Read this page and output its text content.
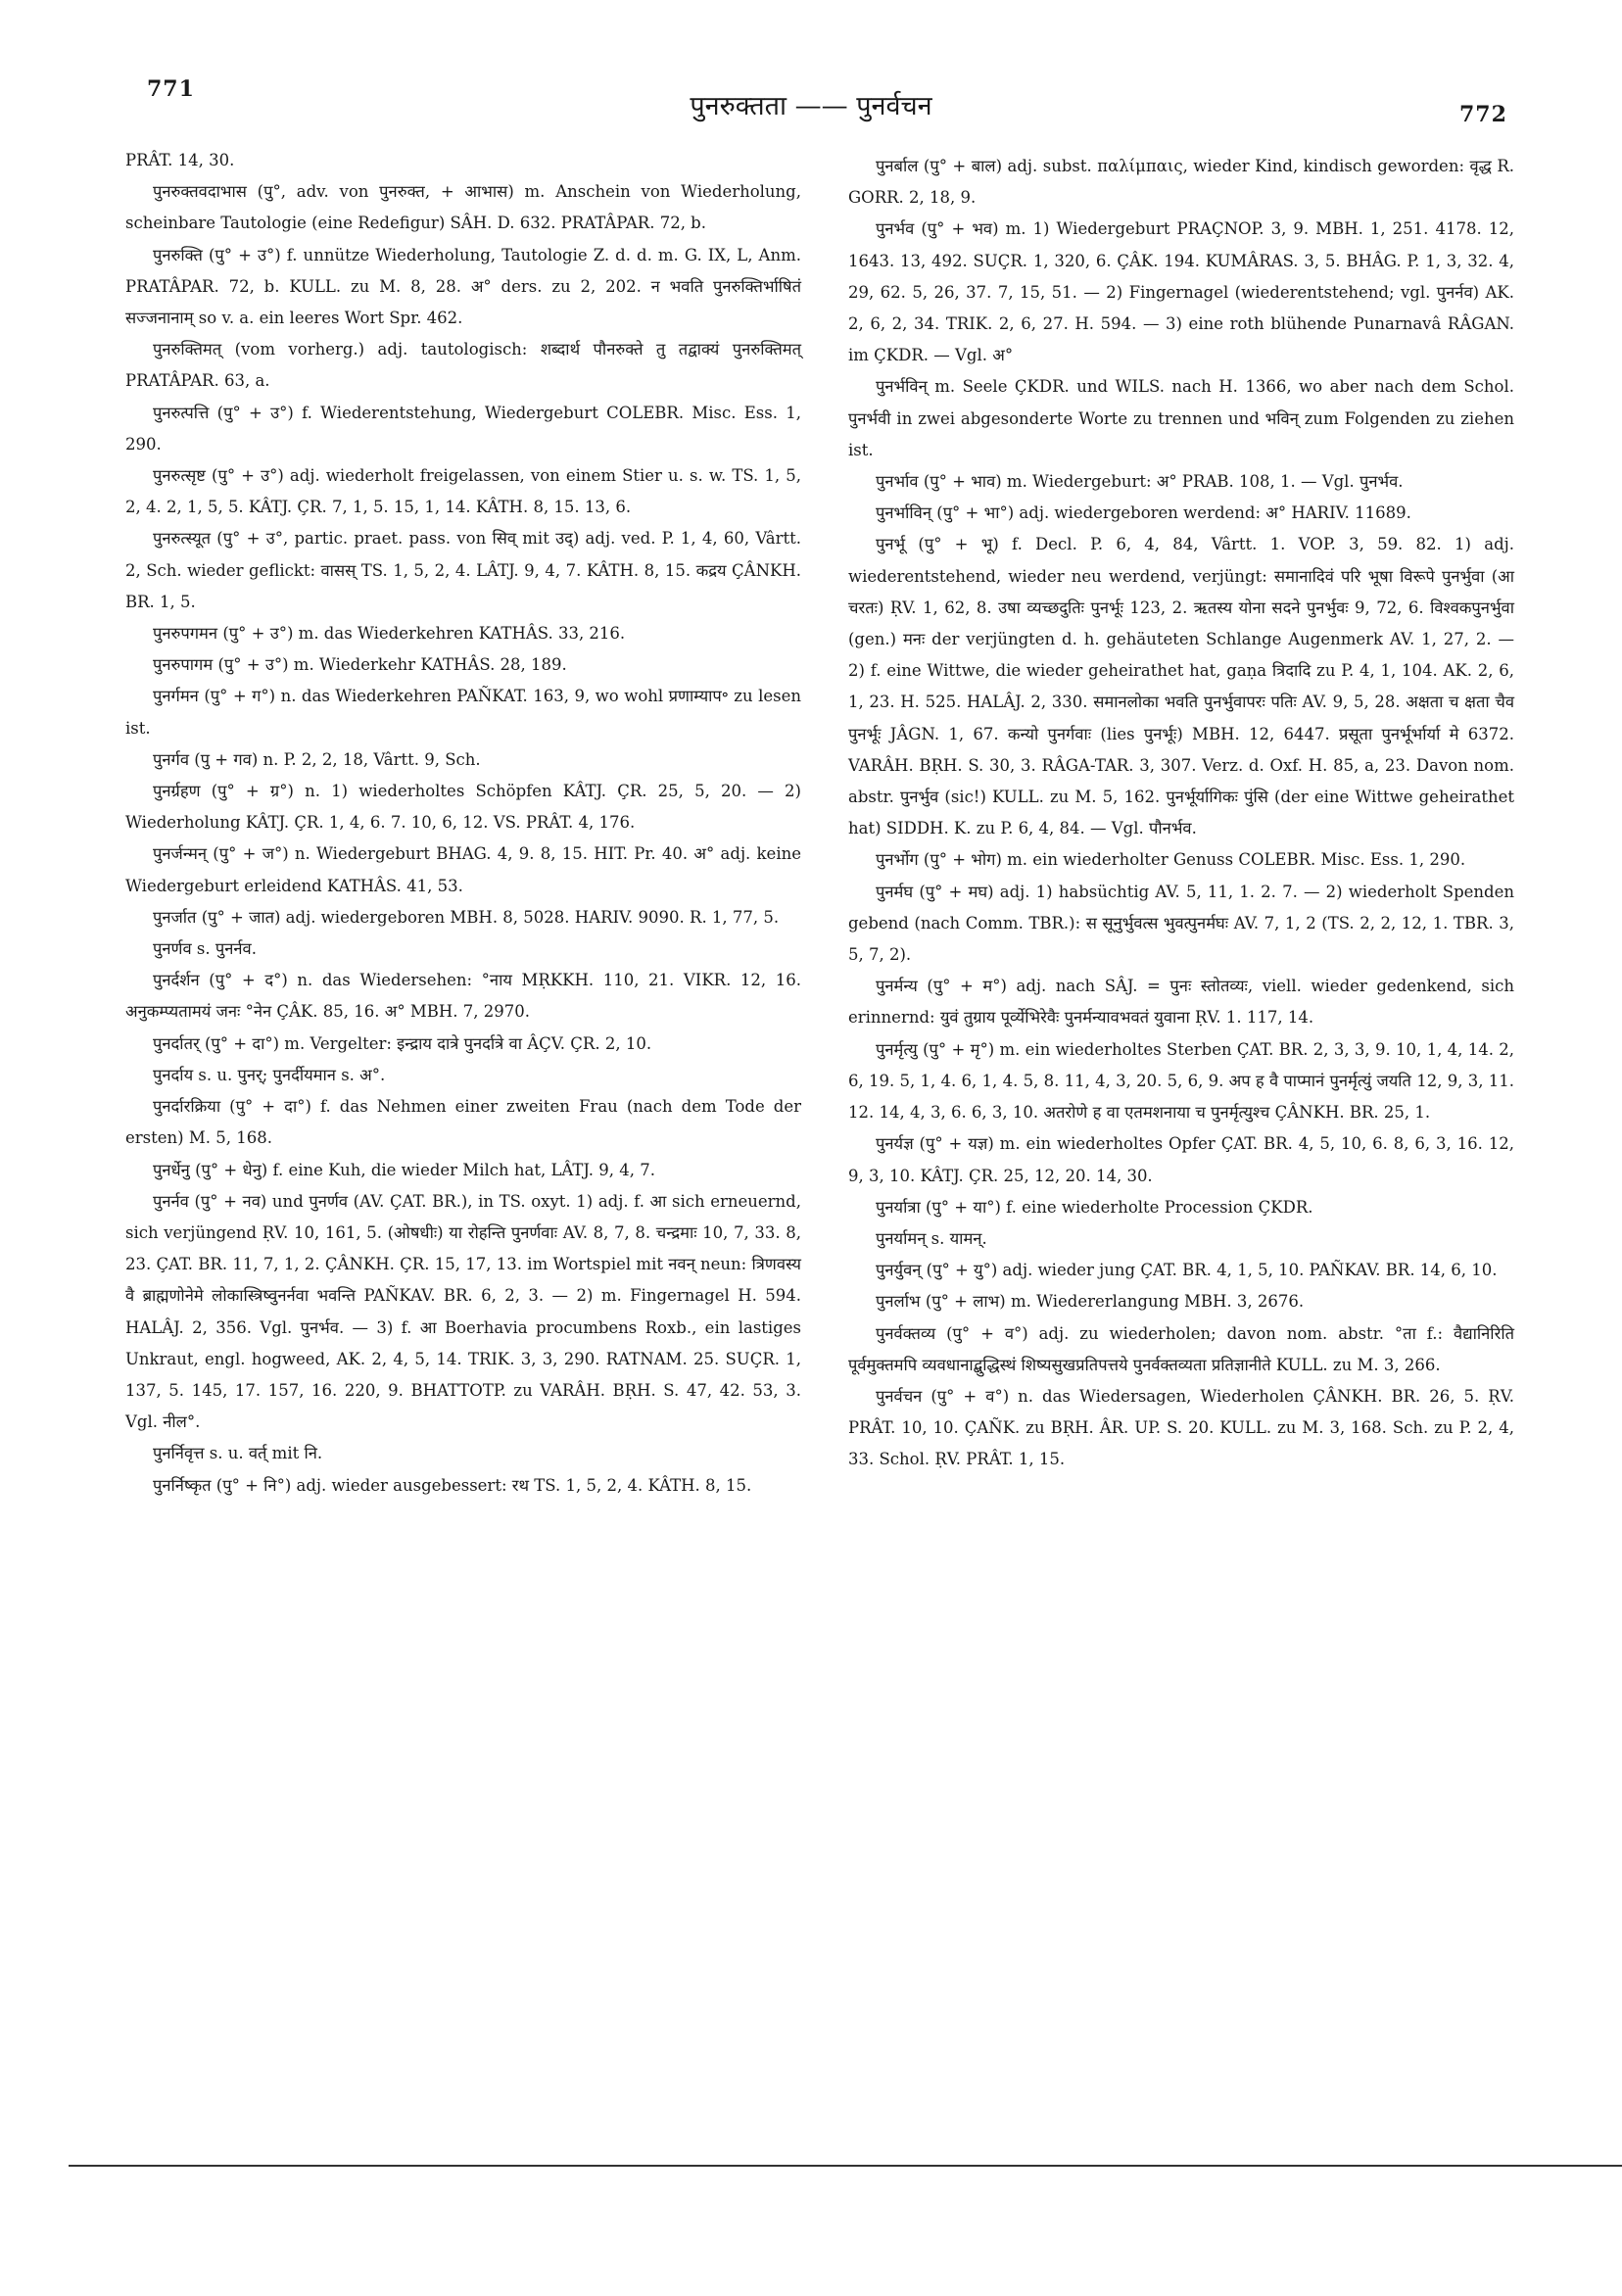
771
पुनरुक्तता —— पुनर्वचन	772

PRÂT. 14, 30.

पुनरुक्तवदाभास (पु°, adv. von पुनरुक्त, + आभास) m. Anschein von Wiederholung, scheinbare Tautologie (eine Redefigur) SÂH. D. 632. PRATÂPAR. 72, b.

पुनरुक्ति (पु° + उ°) f. unnütze Wiederholung, Tautologie Z. d. d. m. G. IX, L, Anm. PRATÂPAR. 72, b. KULL. zu M. 8, 28. अ° ders. zu 2, 202. न भवति पुनरुक्तिर्भाषितं सज्जनानाम् so v. a. ein leeres Wort Spr. 462.

पुनरुक्तिमत् (vom vorherg.) adj. tautologisch: शब्दार्थ पौनरुक्ते तु तद्वाक्यं पुनरुक्तिमत् PRATÂPAR. 63, a.

पुनरुत्पत्ति (पु° + उ°) f. Wiederentstehung, Wiedergeburt COLEBR. Misc. Ess. 1, 290.

पुनरुत्सृष्ट (पु° + उ°) adj. wiederholt freigelassen, von einem Stier u. s. w. TS. 1, 5, 2, 4. 2, 1, 5, 5. KÂTJ. ÇR. 7, 1, 5. 15, 1, 14. KÂTH. 8, 15. 13, 6.

पुनरुत्स्यूत (पु° + उ°, partic. praet. pass. von सिव् mit उद्) adj. ved. P. 1, 4, 60, Vârtt. 2, Sch. wieder geflickt: वासस् TS. 1, 5, 2, 4. LÂTJ. 9, 4, 7. KÂTH. 8, 15. कद्रय ÇÂNKH. BR. 1, 5.

पुनरुपगमन (पु° + उ°) m. das Wiederkehren KATHÂS. 33, 216.

पुनरुपागम (पु° + उ°) m. Wiederkehr KATHÂS. 28, 189.

पुनर्गमन (पु° + ग°) n. das Wiederkehren PAÑKAT. 163, 9, wo wohl प्रणाम्याप॰ zu lesen ist.

पुनर्गव (पु + गव) n. P. 2, 2, 18, Vârtt. 9, Sch.

पुनर्ग्रहण (पु° + ग्र°) n. 1) wiederholtes Schöpfen KÂTJ. ÇR. 25, 5, 20. — 2) Wiederholung KÂTJ. ÇR. 1, 4, 6. 7. 10, 6, 12. VS. PRÂT. 4, 176.

पुनर्जन्मन् (पु° + ज°) n. Wiedergeburt BHAG. 4, 9. 8, 15. HIT. Pr. 40. अ° adj. keine Wiedergeburt erleidend KATHÂS. 41, 53.

पुनर्जात (पु° + जात) adj. wiedergeboren MBH. 8, 5028. HARIV. 9090. R. 1, 77, 5.

पुनर्णव s. पुनर्नव.

पुनर्दर्शन (पु° + द°) n. das Wiedersehen: °नाय MṚKKH. 110, 21. VIKR. 12, 16. अनुकम्प्यतामयं जनः °नेन ÇÂK. 85, 16. अ° MBH. 7, 2970.

पुनर्दातर् (पु° + दा°) m. Vergelter: इन्द्राय दात्रे पुनर्दात्रे वा ÂÇV. ÇR. 2, 10.

पुनर्दाय s. u. पुनर्; पुनर्दीयमान s. अ°.

पुनर्दारक्रिया (पु° + दा°) f. das Nehmen einer zweiten Frau (nach dem Tode der ersten) M. 5, 168.

पुनर्धेनु (पु° + धेनु) f. eine Kuh, die wieder Milch hat, LÂTJ. 9, 4, 7.

पुनर्नव (पु° + नव) und पुनर्णव (AV. ÇAT. BR.), in TS. oxyt. 1) adj. f. आ sich erneuernd, sich verjüngend ṚV. 10, 161, 5. (ओषधीः) या रोहन्ति पुनर्णवाः AV. 8, 7, 8. चन्द्रमाः 10, 7, 33. 8, 23. ÇAT. BR. 11, 7, 1, 2. ÇÂNKH. ÇR. 15, 17, 13. im Wortspiel mit नवन् neun: त्रिणवस्य वै ब्राह्मणोनेमे लोकास्त्रिष्वुनर्नवा भवन्ति PAÑKAV. BR. 6, 2, 3. — 2) m. Fingernagel H. 594. HALÂJ. 2, 356. Vgl. पुनर्भव. — 3) f. आ Boerhavia procumbens Roxb., ein lastiges Unkraut, engl. hogweed, AK. 2, 4, 5, 14. TRIK. 3, 3, 290. RATNAM. 25. SUÇR. 1, 137, 5. 145, 17. 157, 16. 220, 9. BHATTOTP. zu VARÂH. BṚH. S. 47, 42. 53, 3. Vgl. नील°.

पुनर्निवृत्त s. u. वर्त् mit नि.

पुनर्निष्कृत (पु° + नि°) adj. wieder ausgebessert: रथ TS. 1, 5, 2, 4. KÂTH. 8, 15.

पुनर्बाल (पु° + बाल) adj. subst. παλίμπαις, wieder Kind, kindisch geworden: वृद्ध R. GORR. 2, 18, 9.

पुनर्भव (पु° + भव) m. 1) Wiedergeburt PRAÇNOP. 3, 9. MBH. 1, 251. 4178. 12, 1643. 13, 492. SUÇR. 1, 320, 6. ÇÂK. 194. KUMÂRAS. 3, 5. BHÂG. P. 1, 3, 32. 4, 29, 62. 5, 26, 37. 7, 15, 51. — 2) Fingernagel (wiederentstehend; vgl. पुनर्नव) AK. 2, 6, 2, 34. TRIK. 2, 6, 27. H. 594. — 3) eine roth blühende Punarnavâ RÂGAN. im ÇKDR. — Vgl. अ°

पुनर्भविन् m. Seele ÇKDR. und WILS. nach H. 1366, wo aber nach dem Schol. पुनर्भवी in zwei abgesonderte Worte zu trennen und भविन् zum Folgenden zu ziehen ist.

पुनर्भाव (पु° + भाव) m. Wiedergeburt: अ° PRAB. 108, 1. — Vgl. पुनर्भव.

पुनर्भाविन् (पु° + भा°) adj. wiedergeboren werdend: अ° HARIV. 11689.

पुनर्भू (पु° + भू) f. Decl. P. 6, 4, 84, Vârtt. 1. VOP. 3, 59. 82. 1) adj. wiederentstehend, wieder neu werdend, verjüngt: समानादिवं परि भूषा विरूपे पुनर्भुवा (आ चरतः) ṚV. 1, 62, 8. उषा व्यच्छदुतिः पुनर्भूः 123, 2. ऋतस्य योना सदने पुनर्भुवः 9, 72, 6. विश्वकपुनर्भुवा (gen.) मनः der verjüngten d. h. gehäuteten Schlange Augenmerk AV. 1, 27, 2. — 2) f. eine Wittwe, die wieder geheirathet hat, gaṇa त्रिदादि zu P. 4, 1, 104. AK. 2, 6, 1, 23. H. 525. HALÂJ. 2, 330. समानलोका भवति पुनर्भुवापरः पतिः AV. 9, 5, 28. अक्षता च क्षता चैव पुनर्भूः JÂGN. 1, 67. कन्यो पुनर्गवाः (lies पुनर्भूः) MBH. 12, 6447. प्रसूता पुनर्भूर्भार्या मे 6372. VARÂH. BṚH. S. 30, 3. RÂGA-TAR. 3, 307. Verz. d. Oxf. H. 85, a, 23. Davon nom. abstr. पुनर्भुव (sic!) KULL. zu M. 5, 162. पुनर्भूर्यागिकः पुंसि (der eine Wittwe geheirathet hat) SIDDH. K. zu P. 6, 4, 84. — Vgl. पौनर्भव.

पुनर्भोग (पु° + भोग) m. ein wiederholter Genuss COLEBR. Misc. Ess. 1, 290.

पुनर्मघ (पु° + मघ) adj. 1) habsüchtig AV. 5, 11, 1. 2. 7. — 2) wiederholt Spenden gebend (nach Comm. TBR.): स सूनुर्भुवत्स भुवत्पुनर्मघः AV. 7, 1, 2 (TS. 2, 2, 12, 1. TBR. 3, 5, 7, 2).

पुनर्मन्य (पु° + म°) adj. nach SÂJ. = पुनः स्तोतव्यः, viell. wieder gedenkend, sich erinnernd: युवं तुग्राय पूर्व्येभिरेवैः पुनर्मन्यावभवतं युवाना ṚV. 1. 117, 14.

पुनर्मृत्यु (पु° + मृ°) m. ein wiederholtes Sterben ÇAT. BR. 2, 3, 3, 9. 10, 1, 4, 14. 2, 6, 19. 5, 1, 4. 6, 1, 4. 5, 8. 11, 4, 3, 20. 5, 6, 9. अप ह वै पाप्मानं पुनर्मृत्युं जयति 12, 9, 3, 11. 12. 14, 4, 3, 6. 6, 3, 10. अतरोणे ह वा एतमशनाया च पुनर्मृत्युश्च ÇÂNKH. BR. 25, 1.

पुनर्यज्ञ (पु° + यज्ञ) m. ein wiederholtes Opfer ÇAT. BR. 4, 5, 10, 6. 8, 6, 3, 16. 12, 9, 3, 10. KÂTJ. ÇR. 25, 12, 20. 14, 30.

पुनर्यात्रा (पु° + या°) f. eine wiederholte Procession ÇKDR.

पुनर्यामन् s. यामन्.

पुनर्युवन् (पु° + यु°) adj. wieder jung ÇAT. BR. 4, 1, 5, 10. PAÑKAV. BR. 14, 6, 10.

पुनर्लाभ (पु° + लाभ) m. Wiedererlangung MBH. 3, 2676.

पुनर्वक्तव्य (पु° + व°) adj. zu wiederholen; davon nom. abstr. °ता f.: वैद्यानिरिति पूर्वमुक्तमपि व्यवधानाद्बुद्धिस्थं शिष्यसुखप्रतिपत्तये पुनर्वक्तव्यता प्रतिज्ञानीते KULL. zu M. 3, 266.

पुनर्वचन (पु° + व°) n. das Wiedersagen, Wiederholen ÇÂNKH. BR. 26, 5. ṚV. PRÂT. 10, 10. ÇAÑK. zu BṚH. ÂR. UP. S. 20. KULL. zu M. 3, 168. Sch. zu P. 2, 4, 33. Schol. ṚV. PRÂT. 1, 15.
